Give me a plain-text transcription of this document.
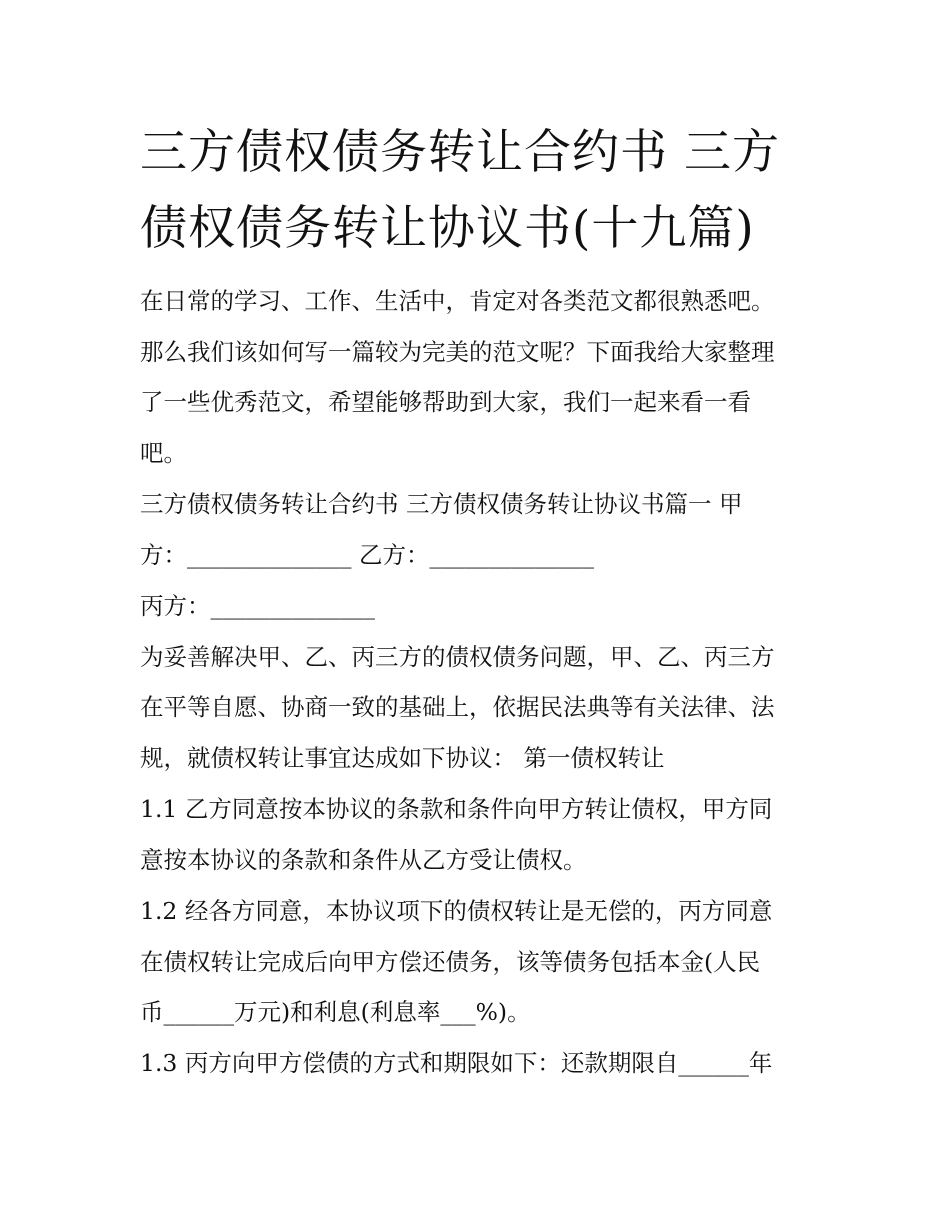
三方债权债务转让合约书 三方
债权债务转让协议书(十九篇)

在日常的学习、工作、生活中，肯定对各类范文都很熟悉吧。

那么我们该如何写一篇较为完美的范文呢？下面我给大家整理

了一些优秀范文，希望能够帮助到大家，我们一起来看一看

吧。

三方债权债务转让合约书 三方债权债务转让协议书篇一 甲

方：______________ 乙方：______________

丙方：______________

为妥善解决甲、乙、丙三方的债权债务问题，甲、乙、丙三方

在平等自愿、协商一致的基础上，依据民法典等有关法律、法

规，就债权转让事宜达成如下协议： 第一债权转让

1.1 乙方同意按本协议的条款和条件向甲方转让债权，甲方同

意按本协议的条款和条件从乙方受让债权。

1.2 经各方同意，本协议项下的债权转让是无偿的，丙方同意

在债权转让完成后向甲方偿还债务，该等债务包括本金(人民

币______万元)和利息(利息率___%)。

1.3 丙方向甲方偿债的方式和期限如下：还款期限自______年
